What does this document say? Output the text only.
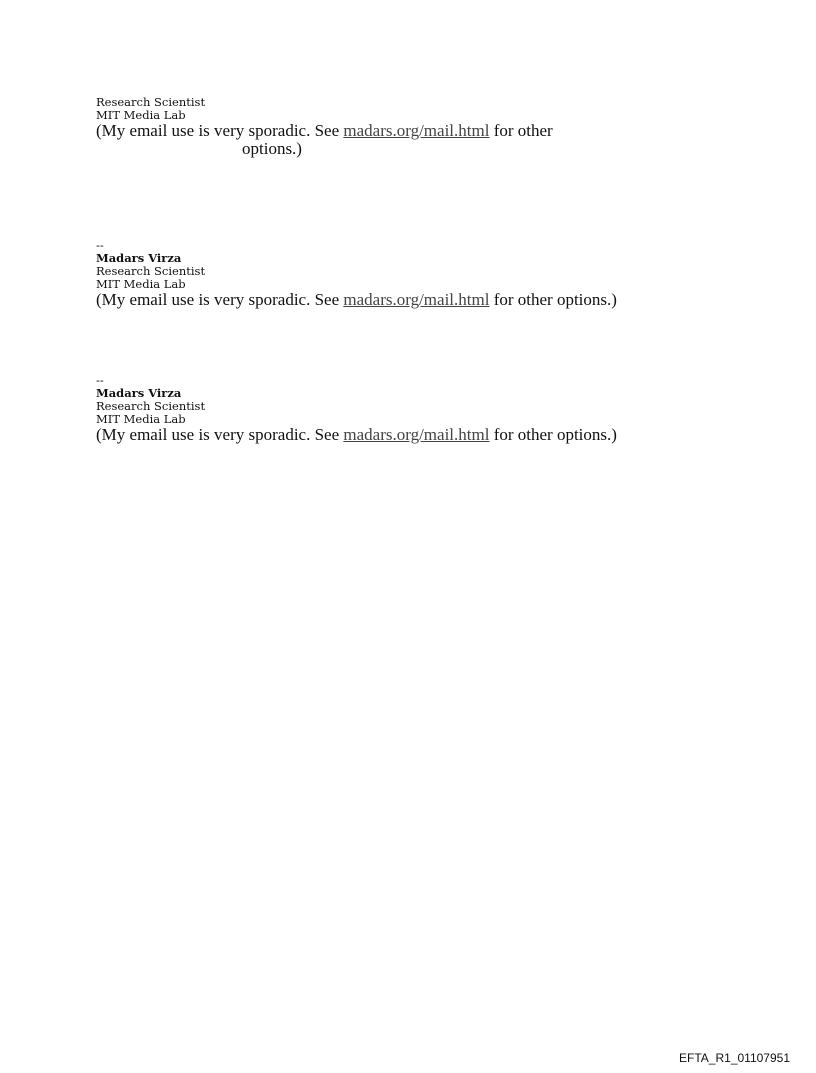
Research Scientist
MIT Media Lab
(My email use is very sporadic. See madars.org/mail.html for other
options.)
--
Madars Virza
Research Scientist
MIT Media Lab
(My email use is very sporadic. See madars.org/mail.html for other options.)
--
Madars Virza
Research Scientist
MIT Media Lab
(My email use is very sporadic. See madars.org/mail.html for other options.)
EFTA_R1_01107951
